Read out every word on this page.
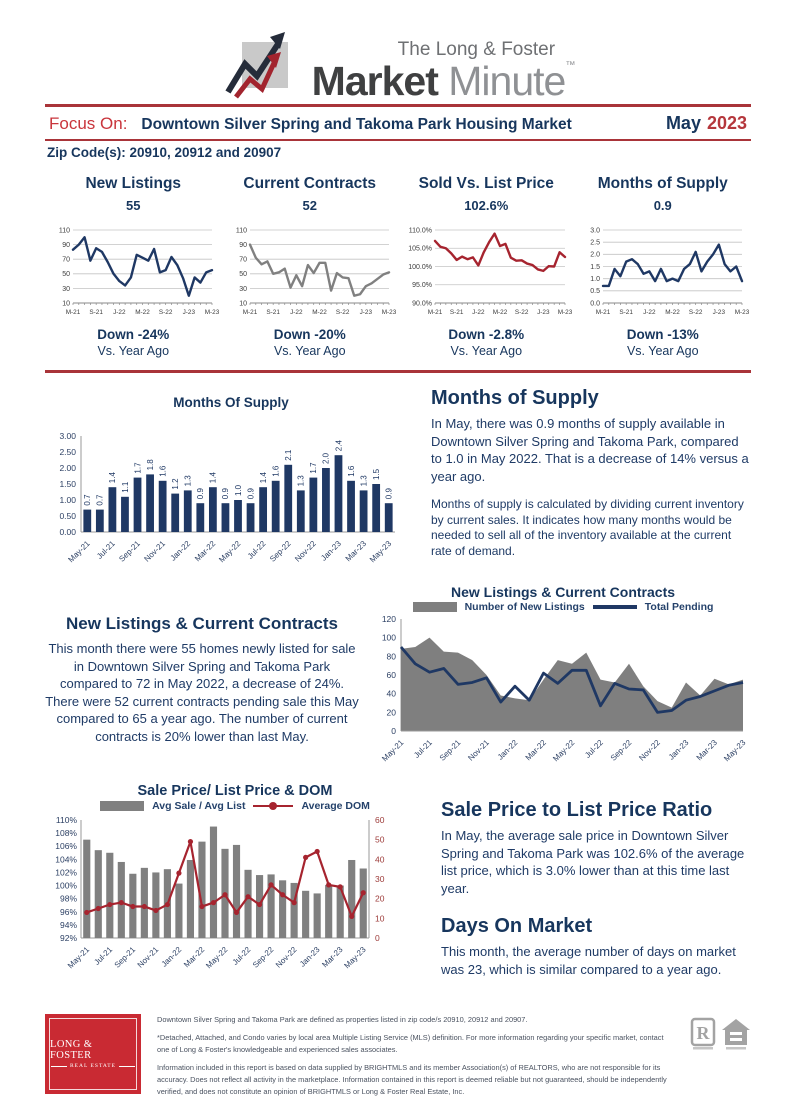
The Long & Foster
Market Minute™
Focus On: Downtown Silver Spring and Takoma Park Housing Market	May 2023
Zip Code(s): 20910, 20912 and 20907
New Listings
55
110
90
70
50
30
10
M-21 S-21 J-22 M-22 S-22 J-23 M-23
Down -24%
Vs. Year Ago
Current Contracts
52
110
90
70
50
30
10
M-21 S-21 J-22 M-22 S-22 J-23 M-23
Down -20%
Vs. Year Ago
Sold Vs. List Price
102.6%
110.0%
105.0%
100.0%
95.0%
90.0%
M-21 S-21 J-22 M-22 S-22 J-23 M-23
Down -2.8%
Vs. Year Ago
Months of Supply
0.9
3.0
2.5
2.0
1.5
1.0
0.5
0.0
M-21 S-21 J-22 M-22 S-22 J-23 M-23
Down -13%
Vs. Year Ago
Months Of Supply
0.00
0.50
1.00
1.50
2.00
2.50
3.00
0.7 0.7
1.4
1.1
1.7 1.8
1.6
1.2 1.3
0.9
1.4
0.9 1.0 0.9
1.4
1.6
2.1
1.3
1.7
2.0
2.4
1.6
1.3
1.5
0.9
May-21 Jul-21 Sep-21 Nov-21 Jan-22 Mar-22 May-22 Jul-22 Sep-22 Nov-22 Jan-23 Mar-23 May-23
Months of Supply

In May, there was 0.9 months of supply available in Downtown Silver Spring and Takoma Park, compared to 1.0 in May 2022. That is a decrease of 14% versus a year ago.

Months of supply is calculated by dividing current inventory by current sales. It indicates how many months would be needed to sell all of the inventory available at the current rate of demand.

New Listings & Current Contracts

This month there were 55 homes newly listed for sale in Downtown Silver Spring and Takoma Park compared to 72 in May 2022, a decrease of 24%. There were 52 current contracts pending sale this May compared to 65 a year ago. The number of current contracts is 20% lower than last May.

New Listings & Current Contracts
Number of New Listings	Total Pending
120
100
80
60
40
20
0
May-21 Jul-21 Sep-21 Nov-21 Jan-22 Mar-22 May-22 Jul-22 Sep-22 Nov-22 Jan-23 Mar-23 May-23
Sale Price/ List Price & DOM
Avg Sale / Avg List	Average DOM
110%
108%
106%
104%
102%
100%
98%
96%
94%
92%
60
50
40
30
20
10
0
May-21 Jul-21
Sep-21
Nov-21 Jan-22
Mar-22
May-22 Jul-22
Sep-22
Nov-22 Jan-23
Mar-23
May-23
Sale Price to List Price Ratio

In May, the average sale price in Downtown Silver Spring and Takoma Park was 102.6% of the average list price, which is 3.0% lower than at this time last year.

Days On Market

This month, the average number of days on market was 23, which is similar compared to a year ago.

LONG & FOSTER
REAL ESTATE

Downtown Silver Spring and Takoma Park are defined as properties listed in zip code/s 20910, 20912 and 20907.

*Detached, Attached, and Condo varies by local area Multiple Listing Service (MLS) definition. For more information regarding your specific market, contact one of Long & Foster's knowledgeable and experienced sales associates.

Information included in this report is based on data supplied by BRIGHTMLS and its member Association(s) of REALTORS, who are not responsible for its accuracy. Does not reflect all activity in the marketplace. Information contained in this report is deemed reliable but not guaranteed, should be independently verified, and does not constitute an opinion of BRIGHTMLS or Long & Foster Real Estate, Inc.

R
